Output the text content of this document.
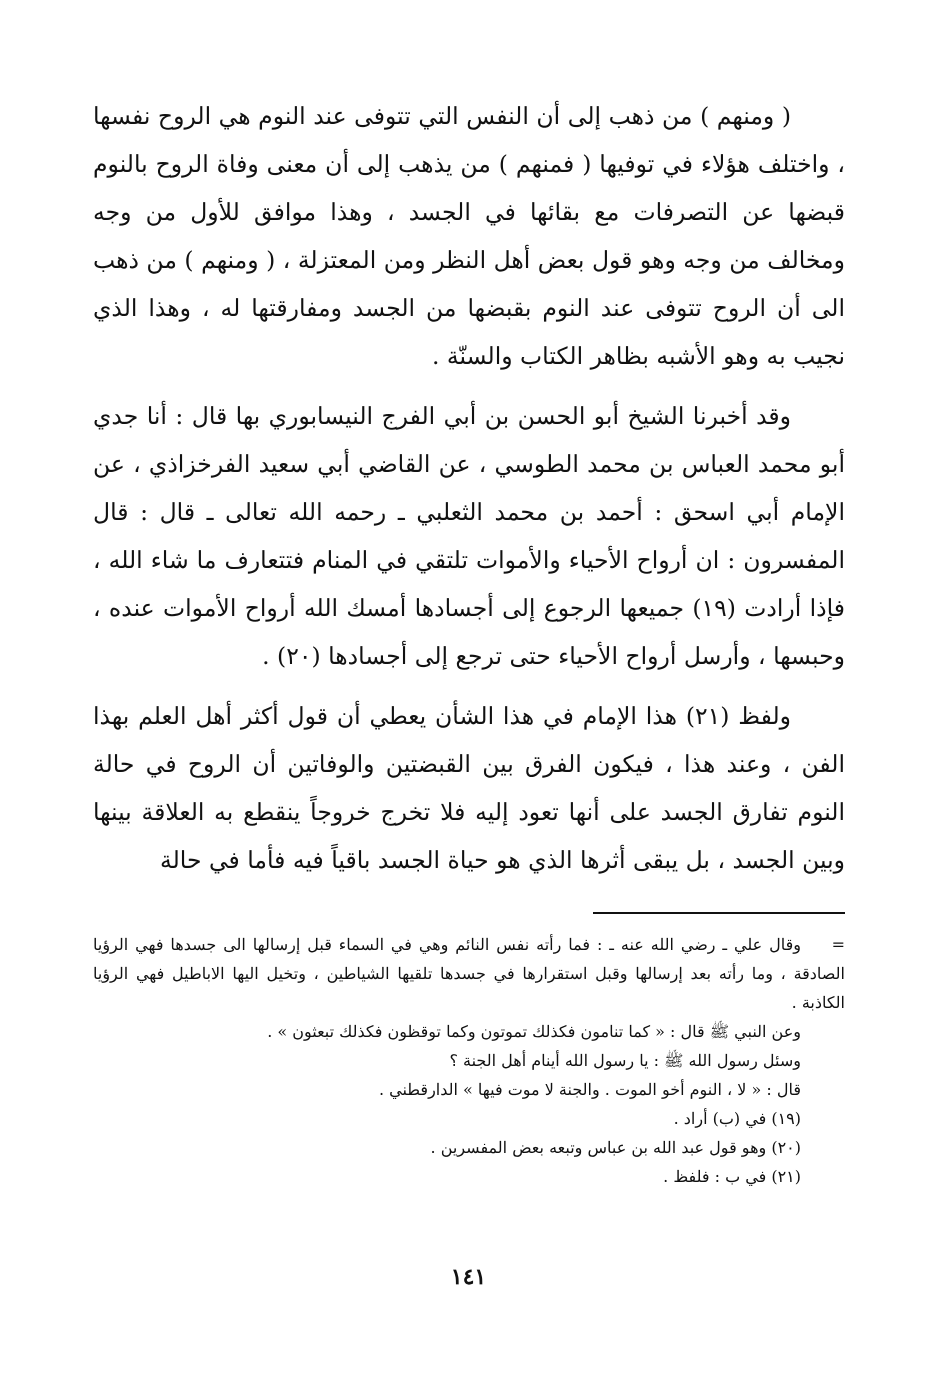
( ومنهم ) من ذهب إلى أن النفس التي تتوفى عند النوم هي الروح نفسها ، واختلف هؤلاء في توفيها ( فمنهم ) من يذهب إلى أن معنى وفاة الروح بالنوم قبضها عن التصرفات مع بقائها في الجسد ، وهذا موافق للأول من وجه ومخالف من وجه وهو قول بعض أهل النظر ومن المعتزلة ، ( ومنهم ) من ذهب الى أن الروح تتوفى عند النوم بقبضها من الجسد ومفارقتها له ، وهذا الذي نجيب به وهو الأشبه بظاهر الكتاب والسنّة .

وقد أخبرنا الشيخ أبو الحسن بن أبي الفرج النيسابوري بها قال : أنا جدي أبو محمد العباس بن محمد الطوسي ، عن القاضي أبي سعيد الفرخزاذي ، عن الإمام أبي اسحق : أحمد بن محمد الثعلبي ـ رحمه الله تعالى ـ قال : قال المفسرون : ان أرواح الأحياء والأموات تلتقي في المنام فتتعارف ما شاء الله ، فإذا أرادت (١٩) جميعها الرجوع إلى أجسادها أمسك الله أرواح الأموات عنده ، وحبسها ، وأرسل أرواح الأحياء حتى ترجع إلى أجسادها (٢٠) .

ولفظ (٢١) هذا الإمام في هذا الشأن يعطي أن قول أكثر أهل العلم بهذا الفن ، وعند هذا ، فيكون الفرق بين القبضتين والوفاتين أن الروح في حالة النوم تفارق الجسد على أنها تعود إليه فلا تخرج خروجاً ينقطع به العلاقة بينها وبين الجسد ، بل يبقى أثرها الذي هو حياة الجسد باقياً فيه فأما في حالة

=وقال علي ـ رضي الله عنه ـ : فما رأته نفس النائم وهي في السماء قبل إرسالها الى جسدها فهي الرؤيا الصادقة ، وما رأته بعد إرسالها وقبل استقرارها في جسدها تلقيها الشياطين ، وتخيل اليها الاباطيل فهي الرؤيا الكاذبة .

وعن النبي ﷺ قال : « كما تنامون فكذلك تموتون وكما توقظون فكذلك تبعثون » .

وسئل رسول الله ﷺ : يا رسول الله أينام أهل الجنة ؟

قال : « لا ، النوم أخو الموت . والجنة لا موت فيها » الدارقطني .

(١٩) في (ب) أراد .

(٢٠) وهو قول عبد الله بن عباس وتبعه بعض المفسرين .

(٢١) في ب : فلفظ .

١٤١
